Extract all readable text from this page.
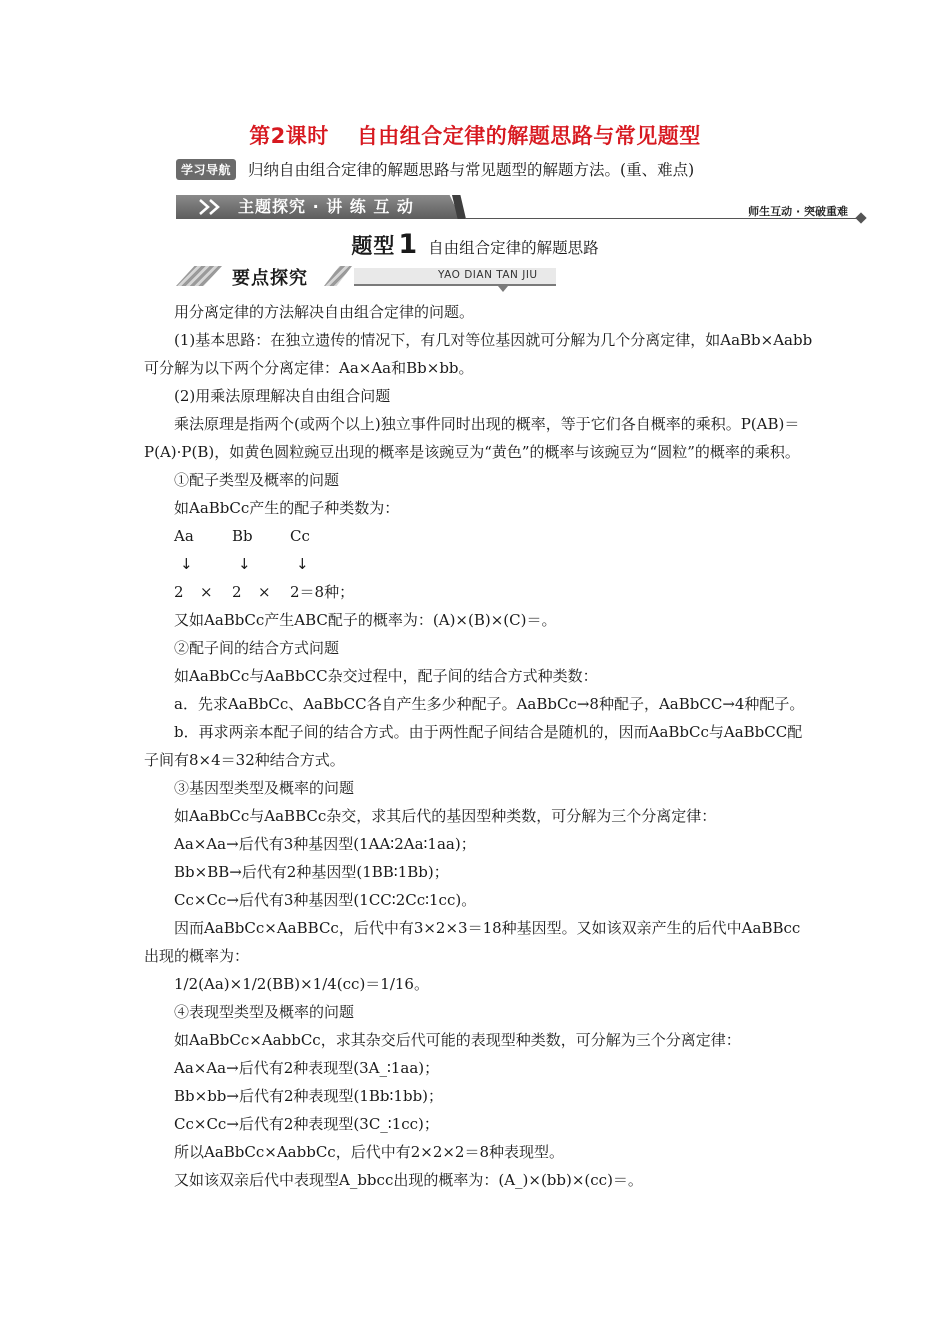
第2课时 自由组合定律的解题思路与常见题型
学习导航	归纳自由组合定律的解题思路与常见题型的解题方法。(重、难点)
主题探究 · 讲 练 互 动	师生互动 · 突破重难
题型 1 自由组合定律的解题思路
要点探究	YAO DIAN TAN JIU

用分离定律的方法解决自由组合定律的问题。

(1)基本思路：在独立遗传的情况下，有几对等位基因就可分解为几个分离定律，如AaBb×Aabb可分解为以下两个分离定律：Aa×Aa和Bb×bb。

(2)用乘法原理解决自由组合问题

乘法原理是指两个(或两个以上)独立事件同时出现的概率，等于它们各自概率的乘积。P(AB)＝P(A)·P(B)，如黄色圆粒豌豆出现的概率是该豌豆为“黄色”的概率与该豌豆为“圆粒”的概率的乘积。

①配子类型及概率的问题

如AaBbCc产生的配子种类数为：

Aa	Bb	Cc
↓	↓	↓
2	×	2	×	2＝8种；

又如AaBbCc产生ABC配子的概率为：(A)×(B)×(C)＝。

②配子间的结合方式问题

如AaBbCc与AaBbCC杂交过程中，配子间的结合方式种类数：

a．先求AaBbCc、AaBbCC各自产生多少种配子。AaBbCc→8种配子，AaBbCC→4种配子。

b．再求两亲本配子间的结合方式。由于两性配子间结合是随机的，因而AaBbCc与AaBbCC配子间有8×4＝32种结合方式。

③基因型类型及概率的问题

如AaBbCc与AaBBCc杂交，求其后代的基因型种类数，可分解为三个分离定律：

Aa×Aa→后代有3种基因型(1AA∶2Aa∶1aa)；

Bb×BB→后代有2种基因型(1BB∶1Bb)；

Cc×Cc→后代有3种基因型(1CC∶2Cc∶1cc)。

因而AaBbCc×AaBBCc，后代中有3×2×3＝18种基因型。又如该双亲产生的后代中AaBBcc出现的概率为：

1/2(Aa)×1/2(BB)×1/4(cc)＝1/16。

④表现型类型及概率的问题

如AaBbCc×AabbCc，求其杂交后代可能的表现型种类数，可分解为三个分离定律：

Aa×Aa→后代有2种表现型(3A_∶1aa)；

Bb×bb→后代有2种表现型(1Bb∶1bb)；

Cc×Cc→后代有2种表现型(3C_∶1cc)；

所以AaBbCc×AabbCc，后代中有2×2×2＝8种表现型。

又如该双亲后代中表现型A_bbcc出现的概率为：(A_)×(bb)×(cc)＝。
